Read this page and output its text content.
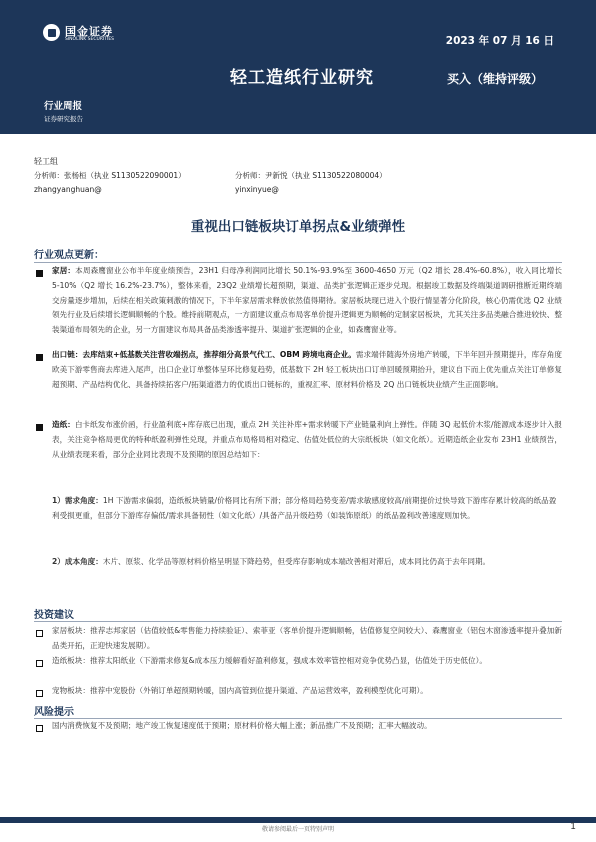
国金证券
SINOLINK SECURITIES	2023 年 07 月 16 日
轻工造纸行业研究	买入（维持评级）
行业周报
证券研究报告
轻工组
分析师：张杨桓（执业 S1130522090001）	分析师：尹新悦（执业 S1130522080004）
zhangyanghuan@	yinxinyue@
重视出口链板块订单拐点&业绩弹性
行业观点更新：
家居：本周森鹰窗业公布半年度业绩预告，23H1 归母净利润同比增长 50.1%-93.9%至 3600-4650 万元（Q2 增长 28.4%-60.8%），收入同比增长 5-10%（Q2 增长 16.2%-23.7%），整体来看，23Q2 业绩增长超预期，渠道、品类扩张逻辑正逐步兑现。根据竣工数据及终端渠道调研推断近期终端交房量逐步增加，后续在相关政策刺激的情况下，下半年家居需求释放依然值得期待。家居板块现已进入个股行情显著分化阶段，核心仍需优选 Q2 业绩领先行业及后续增长逻辑顺畅的个股。维持前期观点，一方面建议重点布局客单价提升逻辑更为顺畅的定制家居板块，尤其关注多品类融合推进较快、整装渠道布局领先的企业，另一方面建议布局具备品类渗透率提升、渠道扩张逻辑的企业，如森鹰窗业等。
出口链：去库结束+低基数关注营收端拐点，推荐细分高景气代工、OBM 跨境电商企业。需求端伴随海外房地产转暖，下半年回升预期提升，库存角度欧美下游零售商去库进入尾声，出口企业订单整体呈环比修复趋势，低基数下 2H 轻工板块出口订单回暖预期抬升，建议自下而上优先重点关注订单修复超预期、产品结构优化、具备持续拓客户/拓渠道潜力的优质出口链标的，重视汇率、原材料价格及 2Q 出口链板块业绩产生正面影响。
造纸：白卡纸发布涨价函，行业盈利底+库存底已出现，重点 2H 关注补库+需求转暖下产业链量利向上弹性。伴随 3Q 起低价木浆/能源成本逐步计入报表，关注竞争格局更优的特种纸盈利弹性兑现，并重点布局格局相对稳定、估值处低位的大宗纸板块（如文化纸）。近期造纸企业发布 23H1 业绩预告，从业绩表现来看，部分企业同比表现不及预期的原因总结如下：
1）需求角度：1H 下游需求偏弱，造纸板块销量/价格同比有所下滑；部分格局趋势变差/需求敏感度较高/前期提价过快导致下游库存累计较高的纸品盈利受损更重，但部分下游库存偏低/需求具备韧性（如文化纸）/具备产品升级趋势（如装饰原纸）的纸品盈利改善速度则加快。
2）成本角度：木片、原浆、化学品等原材料价格呈明显下降趋势，但受库存影响成本端改善相对滞后，成本同比仍高于去年同期。
投资建议
家居板块：推荐志邦家居（估值较低&零售能力持续验证）、索菲亚（客单价提升逻辑顺畅，估值修复空间较大）、森鹰窗业（铝包木窗渗透率提升叠加新品类开拓，正迎快速发展期）。
造纸板块：推荐太阳纸业（下游需求修复&成本压力缓解看好盈利修复，强成本效率管控相对竞争优势凸显，估值处于历史低位）。
宠物板块：推荐中宠股份（外销订单超预期转暖，国内高管到位提升渠道、产品运营效率，盈利模型优化可期）。
风险提示
国内消费恢复不及预期；地产竣工恢复速度低于预期；原材料价格大幅上涨；新品推广不及预期；汇率大幅波动。
敬请参阅最后一页特别声明	1
